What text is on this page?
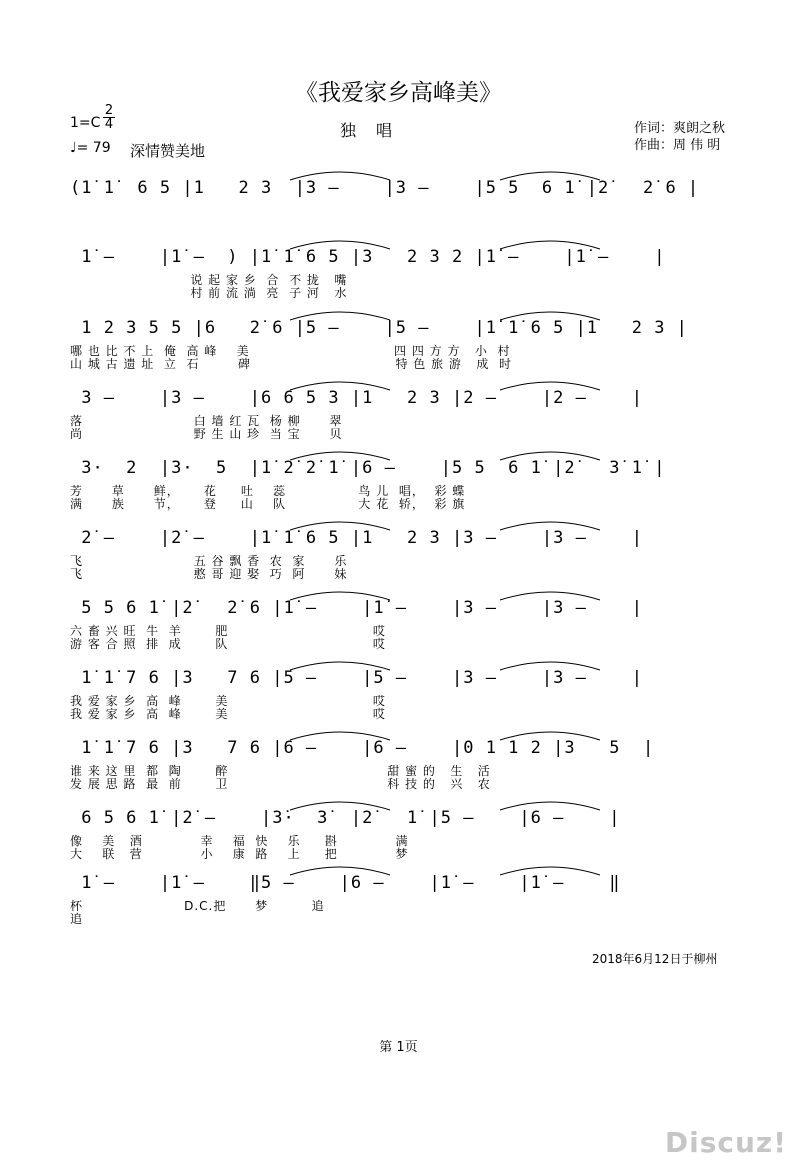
《我爱家乡高峰美》
1=C
2
4
♩= 79 深情赞美地
独唱	作词：爽朗之秋
作曲：周 伟 明
(1̇ 1̇  6 5 |1   2 3  |3 –    |3 –    |5 5  6 1̇ |2̇   2̇ 6 |
1̇ –    |1̇ –  ) |1̇ 1̇ 6 5 |3   2 3 2 |1̇ –    |1̇ –    |
说 起 家 乡  合  不 拢   嘴
村 前 流 淌  亮  子 河   水
1 2 3 5 5 |6   2̇ 6 |5 –    |5 –    |1̇ 1̇ 6 5 |1   2 3 |
哪 也 比 不 上  俺  高 峰    美                              四 四 方 方   小  村
山 城 古 遗 址  立  石        碑                              特 色 旅 游   成  时
3 –    |3 –    |6 6 5 3 |1   2 3 |2 –    |2 –    |
落                       白 墙 红 瓦  杨 柳      翠
尚                       野 生 山 珍  当 宝      贝
3·  2  |3·  5  |1̇ 2̇ 2̇ 1̇ |6 –    |5 5  6 1̇ |2̇   3̇ 1̇ |
芳      草      鲜，     花     吐    蕊               鸟 儿  唱，  彩 蝶
满      族      节，     登     山    队               大 花  轿，  彩 旗
2̇ –    |2̇ –    |1̇ 1̇ 6 5 |1   2 3 |3 –    |3 –    |
飞                       五 谷 飘 香  农  家      乐
飞                       憨 哥 迎 娶  巧  阿      妹
5 5 6 1̇ |2̇   2̇ 6 |1̇ –    |1̇ –    |3 –    |3 –    |
六 畜 兴 旺  牛  羊       肥                              哎
游 客 合 照  排  成       队                              哎
1̇ 1̇ 7 6 |3   7 6 |5 –    |5 –    |3 –    |3 –    |
我 爱 家 乡  高  峰       美                              哎
我 爱 家 乡  高  峰       美                              哎
1̇ 1̇ 7 6 |3   7 6 |6 –    |6 –    |0 1 1 2 |3   5  |
谁 来 这 里  都  陶       醉                                 甜 蜜 的   生   活
发 展 思 路  最  前       卫                                 科 技 的   兴   农
6 5 6 1̇ |2̇ –    |3̇·  3̇  |2̇   1̇ |5 –    |6 –    |
像    美   酒            幸    福  快    乐     斟            满
大    联   营            小    康  路    上     把            梦
1̇ –    |1̇ –    ‖5 –    |6 –    |1̇ –    |1̇ –    ‖
杯                     D.C.把      梦         追
追
2018年6月12日于柳州
第 1页
Discuz!
